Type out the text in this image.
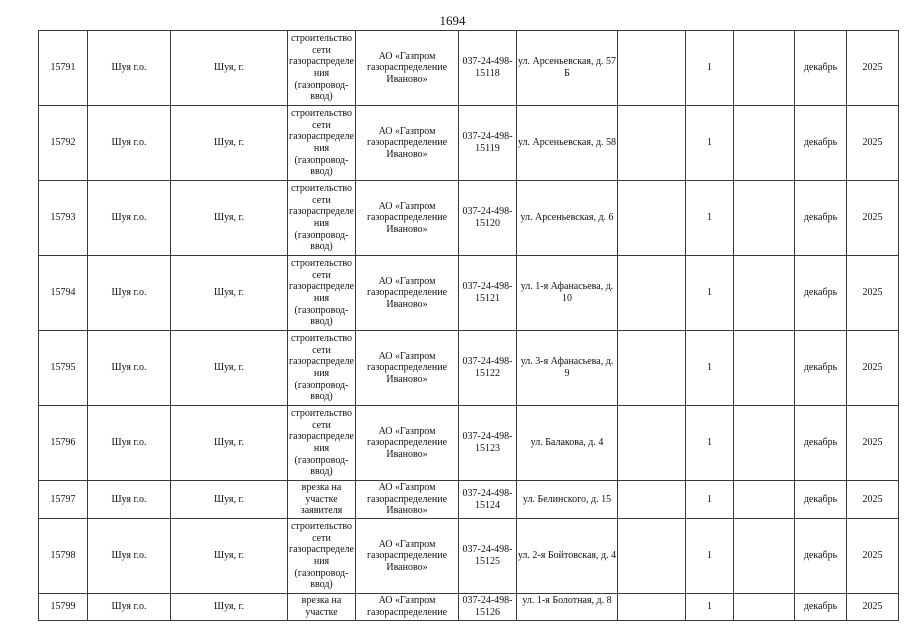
1694
15791	Шуя г.о.	Шуя, г.	строительство сети газораспределения (газопровод-ввод)	АО «Газпром газораспределение Иваново»	037-24-498-15118	ул. Арсеньевская, д. 57 Б		1		декабрь	2025
15792	Шуя г.о.	Шуя, г.	строительство сети газораспределения (газопровод-ввод)	АО «Газпром газораспределение Иваново»	037-24-498-15119	ул. Арсеньевская, д. 58		1		декабрь	2025
15793	Шуя г.о.	Шуя, г.	строительство сети газораспределения (газопровод-ввод)	АО «Газпром газораспределение Иваново»	037-24-498-15120	ул. Арсеньевская, д. 6		1		декабрь	2025
15794	Шуя г.о.	Шуя, г.	строительство сети газораспределения (газопровод-ввод)	АО «Газпром газораспределение Иваново»	037-24-498-15121	ул. 1-я Афанасьева, д. 10		1		декабрь	2025
15795	Шуя г.о.	Шуя, г.	строительство сети газораспределения (газопровод-ввод)	АО «Газпром газораспределение Иваново»	037-24-498-15122	ул. 3-я Афанасьева, д. 9		1		декабрь	2025
15796	Шуя г.о.	Шуя, г.	строительство сети газораспределения (газопровод-ввод)	АО «Газпром газораспределение Иваново»	037-24-498-15123	ул. Балакова, д. 4		1		декабрь	2025
15797	Шуя г.о.	Шуя, г.	врезка на участке заявителя	АО «Газпром газораспределение Иваново»	037-24-498-15124	ул. Белинского, д. 15		1		декабрь	2025
15798	Шуя г.о.	Шуя, г.	строительство сети газораспределения (газопровод-ввод)	АО «Газпром газораспределение Иваново»	037-24-498-15125	ул. 2-я Бойтовская, д. 4		1		декабрь	2025
15799	Шуя г.о.	Шуя, г.	врезка на участке	АО «Газпром газораспределение	037-24-498-15126	ул. 1-я Болотная, д. 8		1		декабрь	2025
